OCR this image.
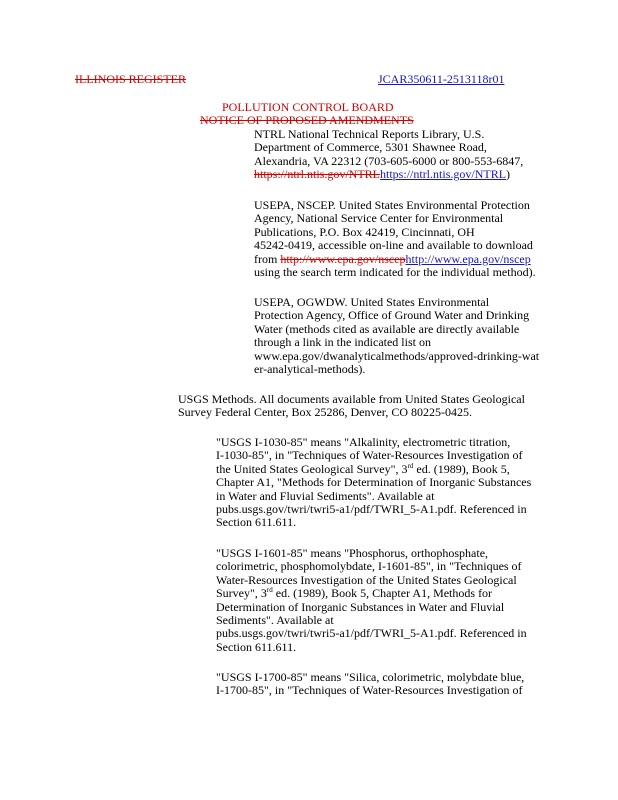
ILLINOIS REGISTER	JCAR350611-2513118r01
POLLUTION CONTROL BOARD
NOTICE OF PROPOSED AMENDMENTS
NTRL National Technical Reports Library, U.S.
Department of Commerce, 5301 Shawnee Road,
Alexandria, VA 22312 (703-605-6000 or 800-553-6847,
https://ntrl.ntis.gov/NTRLhttps://ntrl.ntis.gov/NTRL)
USEPA, NSCEP. United States Environmental Protection
Agency, National Service Center for Environmental
Publications, P.O. Box 42419, Cincinnati, OH
45242-0419, accessible on-line and available to download
from http://www.epa.gov/nscephttp://www.epa.gov/nscep
using the search term indicated for the individual method).
USEPA, OGWDW. United States Environmental
Protection Agency, Office of Ground Water and Drinking
Water (methods cited as available are directly available
through a link in the indicated list on
www.epa.gov/dwanalyticalmethods/approved-drinking-wat
er-analytical-methods).
USGS Methods. All documents available from United States Geological
Survey Federal Center, Box 25286, Denver, CO 80225-0425.
"USGS I-1030-85" means "Alkalinity, electrometric titration,
I-1030-85", in "Techniques of Water-Resources Investigation of
the United States Geological Survey", 3rd ed. (1989), Book 5,
Chapter A1, "Methods for Determination of Inorganic Substances
in Water and Fluvial Sediments". Available at
pubs.usgs.gov/twri/twri5-a1/pdf/TWRI_5-A1.pdf. Referenced in
Section 611.611.
"USGS I-1601-85" means "Phosphorus, orthophosphate,
colorimetric, phosphomolybdate, I-1601-85", in "Techniques of
Water-Resources Investigation of the United States Geological
Survey", 3rd ed. (1989), Book 5, Chapter A1, Methods for
Determination of Inorganic Substances in Water and Fluvial
Sediments". Available at
pubs.usgs.gov/twri/twri5-a1/pdf/TWRI_5-A1.pdf. Referenced in
Section 611.611.
"USGS I-1700-85" means "Silica, colorimetric, molybdate blue,
I-1700-85", in "Techniques of Water-Resources Investigation of
